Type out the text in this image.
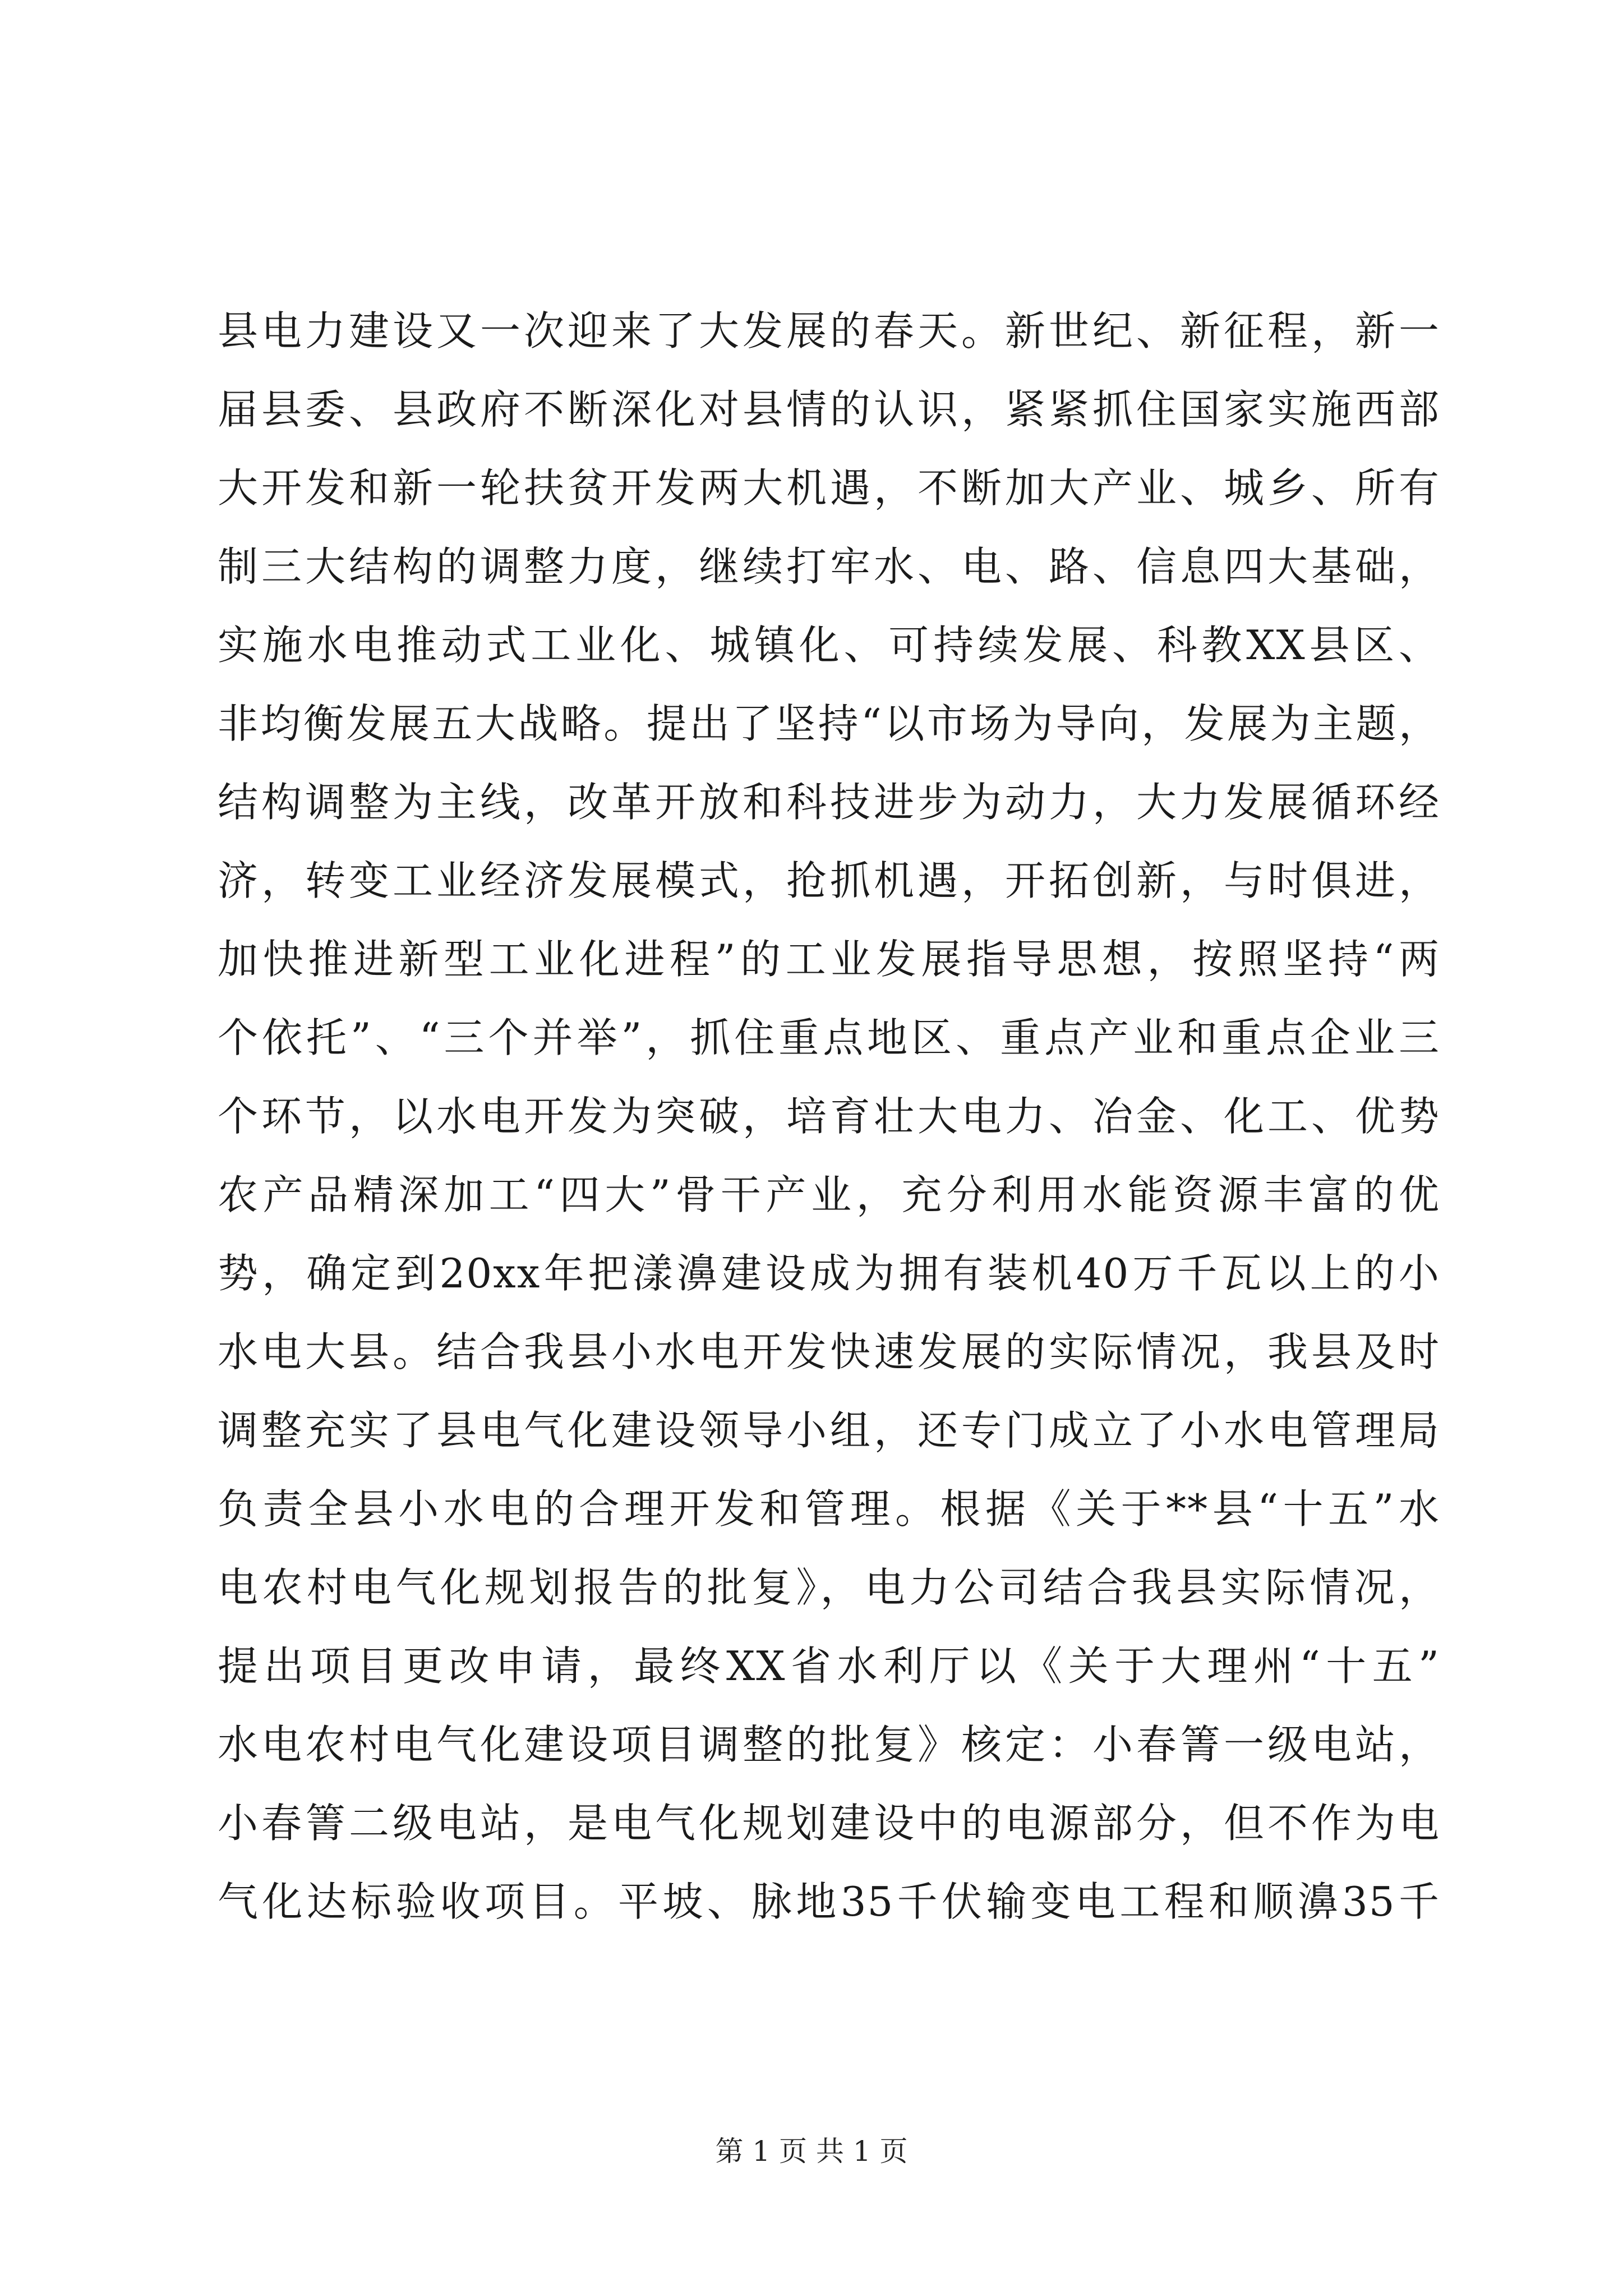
县电力建设又一次迎来了大发展的春天。新世纪、新征程，新一
届县委、县政府不断深化对县情的认识，紧紧抓住国家实施西部
大开发和新一轮扶贫开发两大机遇，不断加大产业、城乡、所有
制三大结构的调整力度，继续打牢水、电、路、信息四大基础，
实施水电推动式工业化、城镇化、可持续发展、科教XX县区、
非均衡发展五大战略。提出了坚持“以市场为导向，发展为主题，
结构调整为主线，改革开放和科技进步为动力，大力发展循环经
济，转变工业经济发展模式，抢抓机遇，开拓创新，与时俱进，
加快推进新型工业化进程”的工业发展指导思想，按照坚持“两
个依托”、“三个并举”，抓住重点地区、重点产业和重点企业三
个环节，以水电开发为突破，培育壮大电力、冶金、化工、优势
农产品精深加工“四大”骨干产业，充分利用水能资源丰富的优
势，确定到20xx年把漾濞建设成为拥有装机40万千瓦以上的小
水电大县。结合我县小水电开发快速发展的实际情况，我县及时
调整充实了县电气化建设领导小组，还专门成立了小水电管理局
负责全县小水电的合理开发和管理。根据《关于**县“十五”水
电农村电气化规划报告的批复》，电力公司结合我县实际情况，
提出项目更改申请，最终XX省水利厅以《关于大理州“十五”
水电农村电气化建设项目调整的批复》核定：小春箐一级电站，
小春箐二级电站，是电气化规划建设中的电源部分，但不作为电
气化达标验收项目。平坡、脉地35千伏输变电工程和顺濞35千
第 1 页 共 1 页
